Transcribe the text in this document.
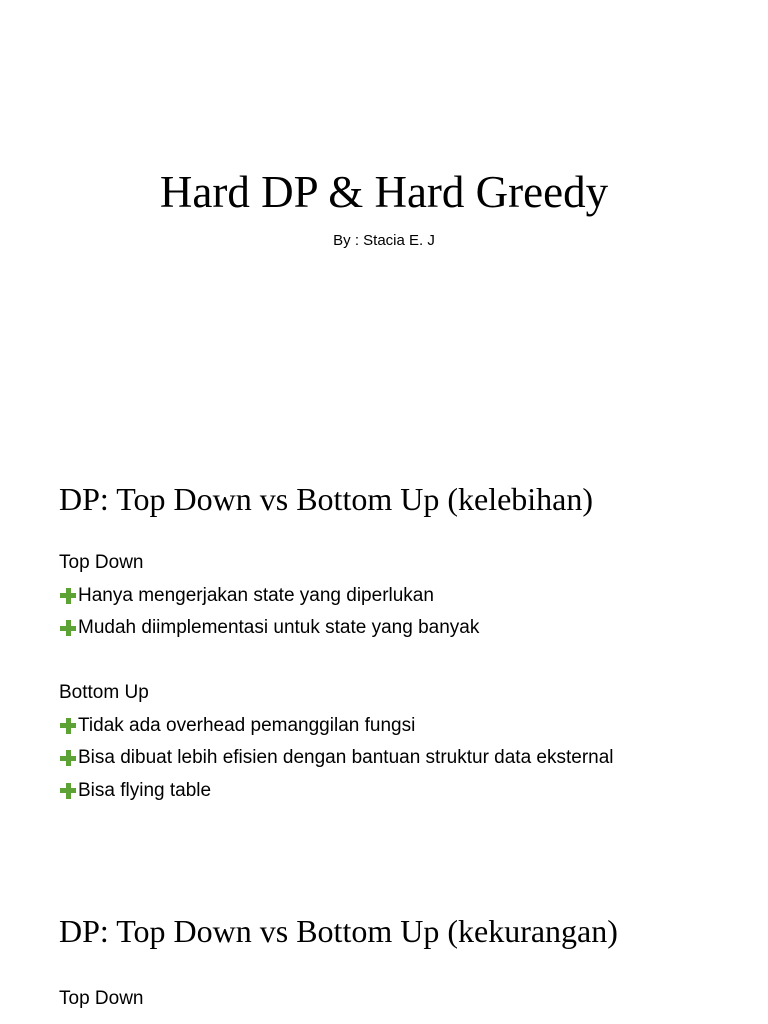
Hard DP & Hard Greedy

By : Stacia E. J

DP: Top Down vs Bottom Up (kelebihan)

Top Down

Hanya mengerjakan state yang diperlukan
Mudah diimplementasi untuk state yang banyak

Bottom Up

Tidak ada overhead pemanggilan fungsi
Bisa dibuat lebih efisien dengan bantuan struktur data eksternal
Bisa flying table
DP: Top Down vs Bottom Up (kekurangan)

Top Down
